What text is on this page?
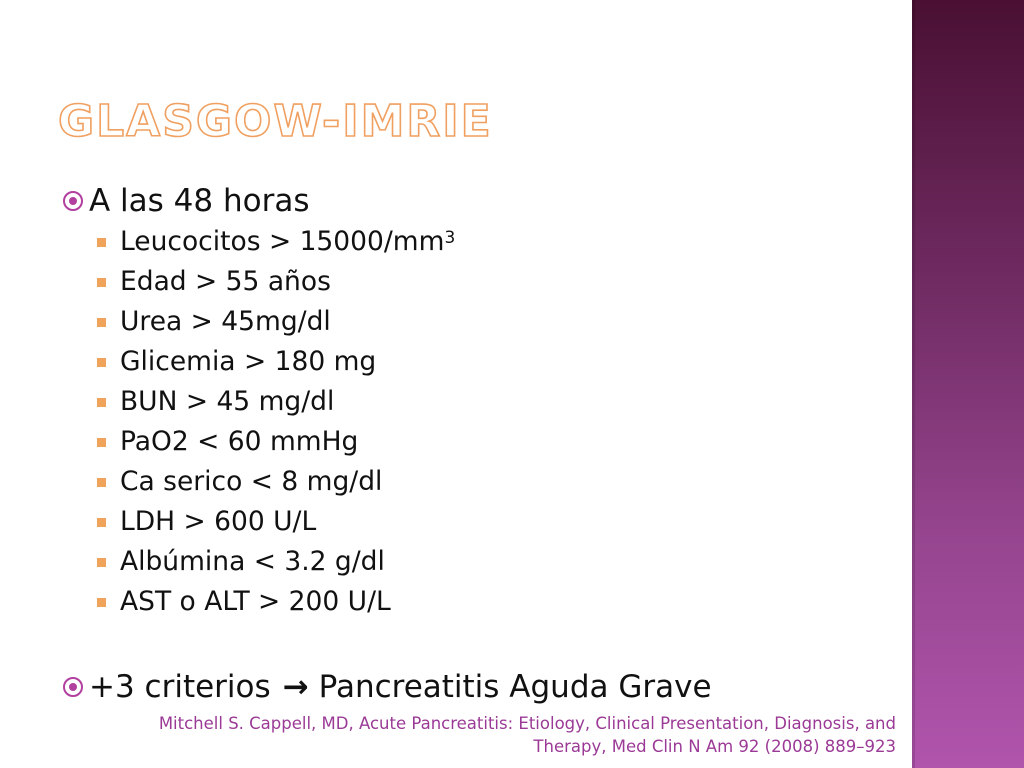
GLASGOW-IMRIE
A las 48 horas
Leucocitos > $15000/mm^3$
Edad > 55 años
Urea > 45mg/dl
Glicemia > 180 mg
BUN > 45 mg/dl
PaO2 < 60 mmHg
Ca serico < 8 mg/dl
LDH > 600 U/L
Albúmina < 3.2 g/dl
AST o ALT > 200 U/L
+3 criterios → Pancreatitis Aguda Grave
Mitchell S. Cappell, MD, Acute Pancreatitis: Etiology, Clinical Presentation, Diagnosis, and
Therapy, Med Clin N Am 92 (2008) 889–923
